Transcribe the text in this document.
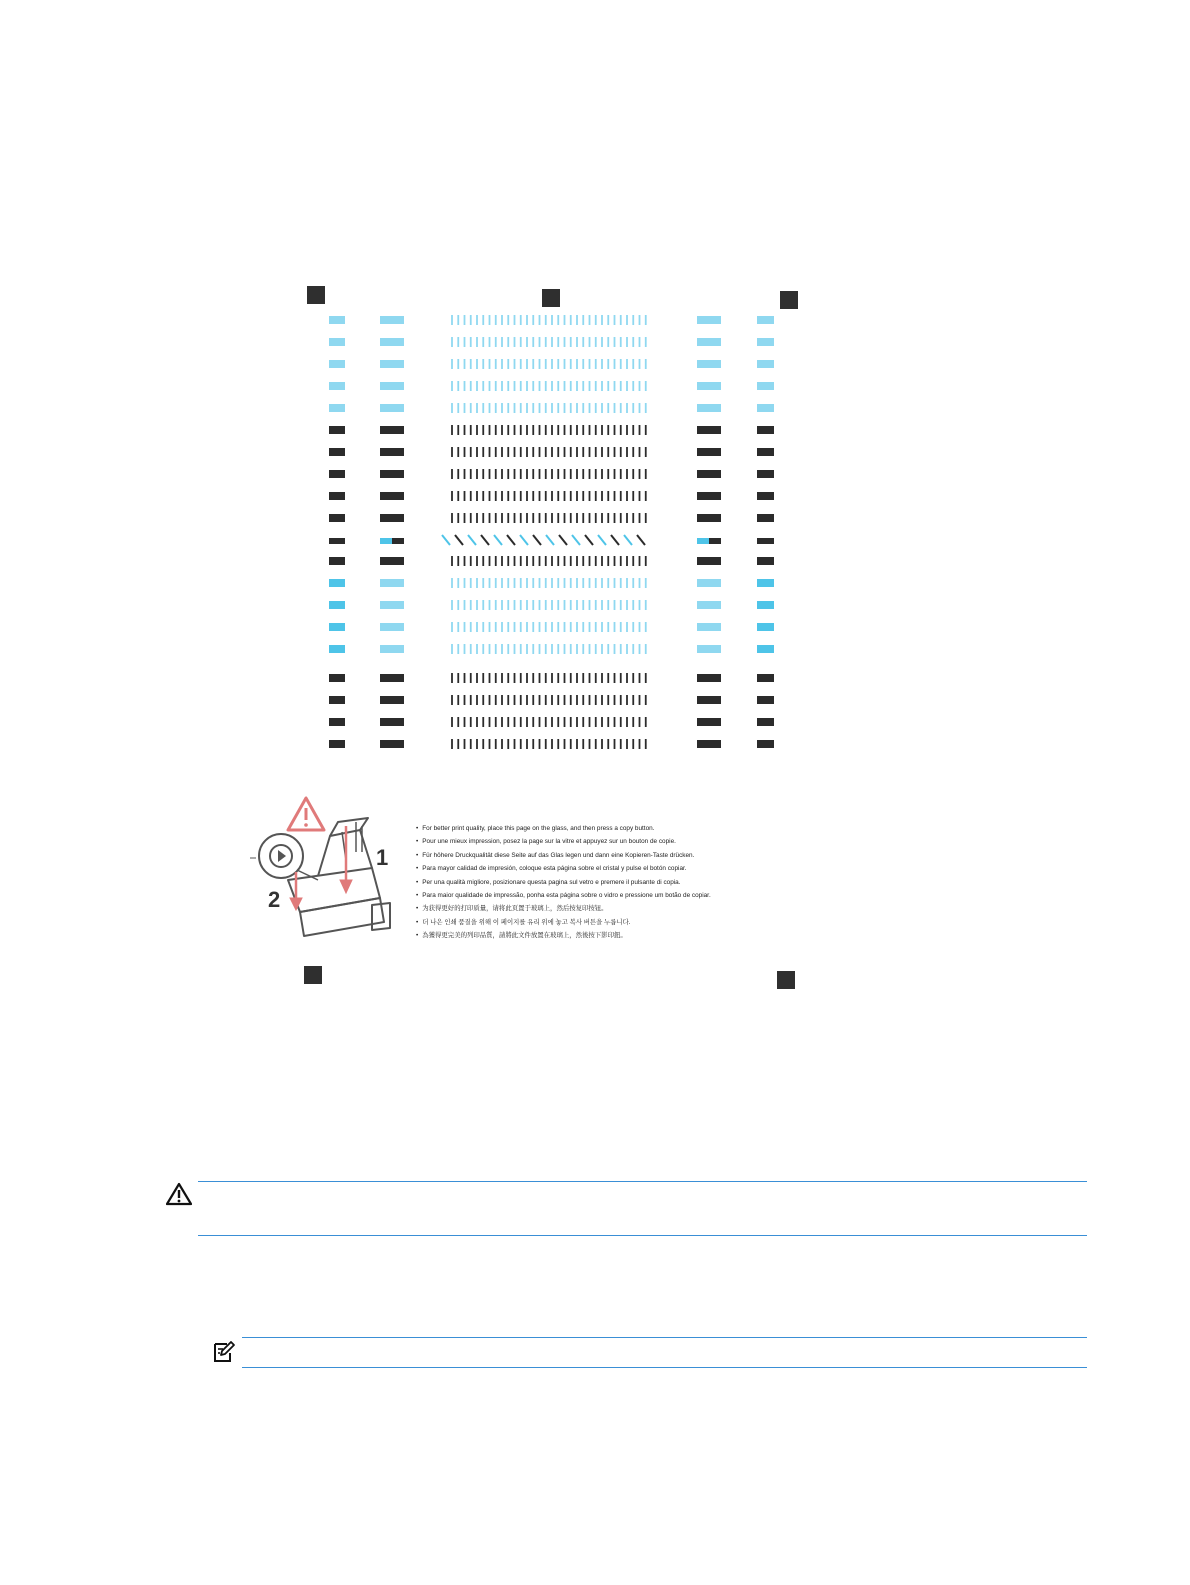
1
2
• For better print quality, place this page on the glass, and then press a copy button.
• Pour une mieux impression, posez la page sur la vitre et appuyez sur un bouton de copie.
• Für höhere Druckqualität diese Seite auf das Glas legen und dann eine Kopieren-Taste drücken.
• Para mayor calidad de impresión, coloque esta página sobre el cristal y pulse el botón copiar.
• Per una qualità migliore, posizionare questa pagina sul vetro e premere il pulsante di copia.
• Para maior qualidade de impressão, ponha esta página sobre o vidro e pressione um botão de copiar.
• 为获得更好的打印质量，请将此页置于玻璃上，然后按复印按钮。
• 더 나은 인쇄 품질을 위해 이 페이지를 유리 위에 놓고 복사 버튼을 누릅니다.
• 為獲得更完美的列印品質，請將此文件放置在玻璃上，然後按下影印鈕。
